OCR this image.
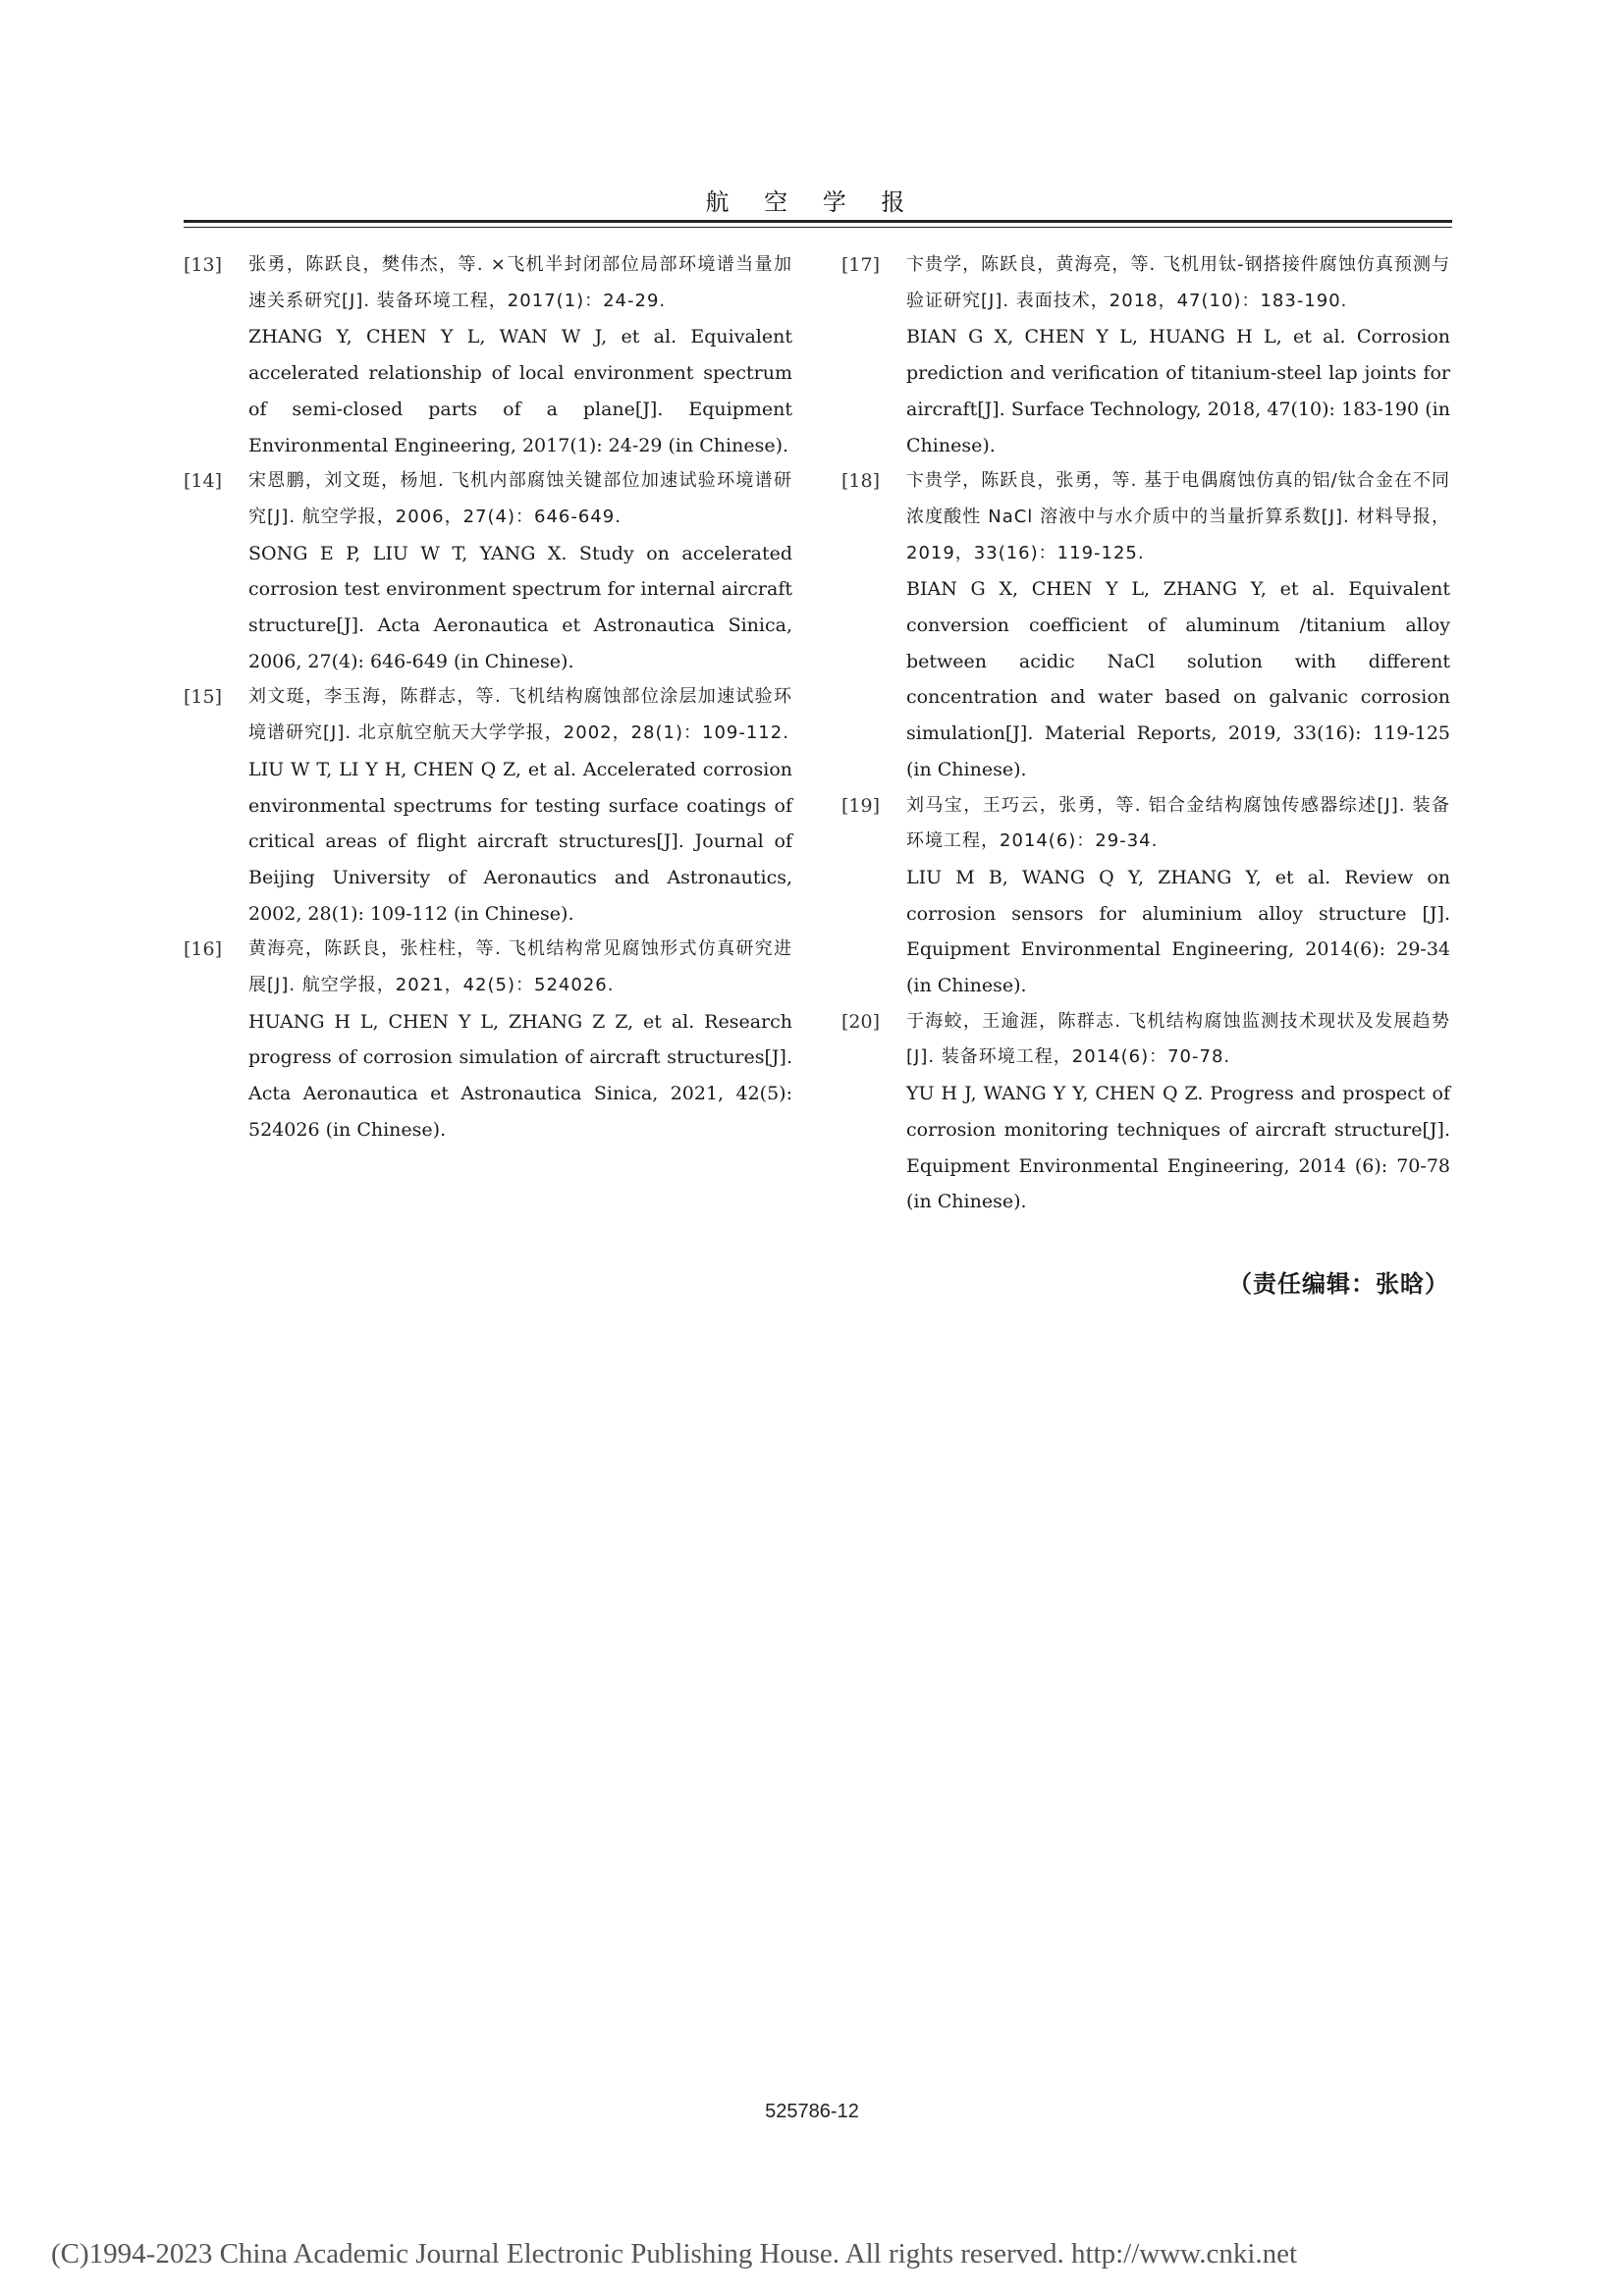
航 空 学 报
[13]	张勇，陈跃良，樊伟杰，等. ×飞机半封闭部位局部环境谱当量加速关系研究[J]. 装备环境工程，2017(1)：24-29.

ZHANG Y, CHEN Y L, WAN W J, et al. Equivalent accelerated relationship of local environment spectrum of semi-closed parts of a plane[J]. Equipment Environmental Engineering, 2017(1): 24-29 (in Chinese).

[14]	宋恩鹏，刘文珽，杨旭. 飞机内部腐蚀关键部位加速试验环境谱研究[J]. 航空学报，2006，27(4)：646-649.

SONG E P, LIU W T, YANG X. Study on accelerated corrosion test environment spectrum for internal aircraft structure[J]. Acta Aeronautica et Astronautica Sinica, 2006, 27(4): 646-649 (in Chinese).

[15]	刘文珽，李玉海，陈群志，等. 飞机结构腐蚀部位涂层加速试验环境谱研究[J]. 北京航空航天大学学报，2002，28(1)：109-112.

LIU W T, LI Y H, CHEN Q Z, et al. Accelerated corrosion environmental spectrums for testing surface coatings of critical areas of flight aircraft structures[J]. Journal of Beijing University of Aeronautics and Astronautics, 2002, 28(1): 109-112 (in Chinese).

[16]	黄海亮，陈跃良，张柱柱，等. 飞机结构常见腐蚀形式仿真研究进展[J]. 航空学报，2021，42(5)：524026.

HUANG H L, CHEN Y L, ZHANG Z Z, et al. Research progress of corrosion simulation of aircraft structures[J]. Acta Aeronautica et Astronautica Sinica, 2021, 42(5): 524026 (in Chinese).

[17]	卞贵学，陈跃良，黄海亮，等. 飞机用钛-钢搭接件腐蚀仿真预测与验证研究[J]. 表面技术，2018，47(10)：183-190.

BIAN G X, CHEN Y L, HUANG H L, et al. Corrosion prediction and verification of titanium-steel lap joints for aircraft[J]. Surface Technology, 2018, 47(10): 183-190 (in Chinese).

[18]	卞贵学，陈跃良，张勇，等. 基于电偶腐蚀仿真的铝/钛合金在不同浓度酸性 NaCl 溶液中与水介质中的当量折算系数[J]. 材料导报，2019，33(16)：119-125.

BIAN G X, CHEN Y L, ZHANG Y, et al. Equivalent conversion coefficient of aluminum /titanium alloy between acidic NaCl solution with different concentration and water based on galvanic corrosion simulation[J]. Material Reports, 2019, 33(16): 119-125 (in Chinese).

[19]	刘马宝，王巧云，张勇，等. 铝合金结构腐蚀传感器综述[J]. 装备环境工程，2014(6)：29-34.

LIU M B, WANG Q Y, ZHANG Y, et al. Review on corrosion sensors for aluminium alloy structure [J]. Equipment Environmental Engineering, 2014(6): 29-34 (in Chinese).

[20]	于海蛟，王逾涯，陈群志. 飞机结构腐蚀监测技术现状及发展趋势[J]. 装备环境工程，2014(6)：70-78.

YU H J, WANG Y Y, CHEN Q Z. Progress and prospect of corrosion monitoring techniques of aircraft structure[J]. Equipment Environmental Engineering, 2014 (6): 70-78 (in Chinese).

（责任编辑：张晗）
525786-12
(C)1994-2023 China Academic Journal Electronic Publishing House. All rights reserved. http://www.cnki.net
